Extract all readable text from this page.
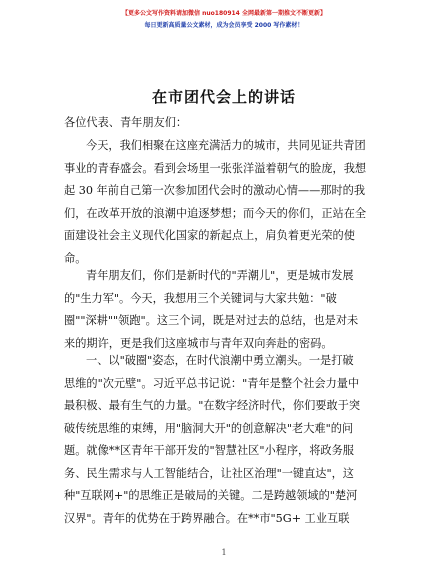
【更多公文写作资料请加微信 nuo180914 全网最新第一期推文不断更新】
每日更新高质量公文素材，成为会员享受 2000 写作素材！
在市团代会上的讲话
各位代表、青年朋友们：
今天，我们相聚在这座充满活力的城市，共同见证共青团
事业的青春盛会。看到会场里一张张洋溢着朝气的脸庞，我想
起 30 年前自己第一次参加团代会时的激动心情——那时的我
们，在改革开放的浪潮中追逐梦想；而今天的你们，正站在全
面建设社会主义现代化国家的新起点上，肩负着更光荣的使
命。
青年朋友们，你们是新时代的"弄潮儿"，更是城市发展
的"生力军"。今天，我想用三个关键词与大家共勉："破
圈""深耕""领跑"。这三个词，既是对过去的总结，也是对未
来的期许，更是我们这座城市与青年双向奔赴的密码。
一、以"破圈"姿态，在时代浪潮中勇立潮头。一是打破
思维的"次元壁"。习近平总书记说："青年是整个社会力量中
最积极、最有生气的力量。"在数字经济时代，你们要敢于突
破传统思维的束缚，用"脑洞大开"的创意解决"老大难"的问
题。就像**区青年干部开发的"智慧社区"小程序，将政务服
务、民生需求与人工智能结合，让社区治理"一键直达"，这
种"互联网+"的思维正是破局的关键。二是跨越领域的"楚河
汉界"。青年的优势在于跨界融合。在**市"5G+ 工业互联
1
